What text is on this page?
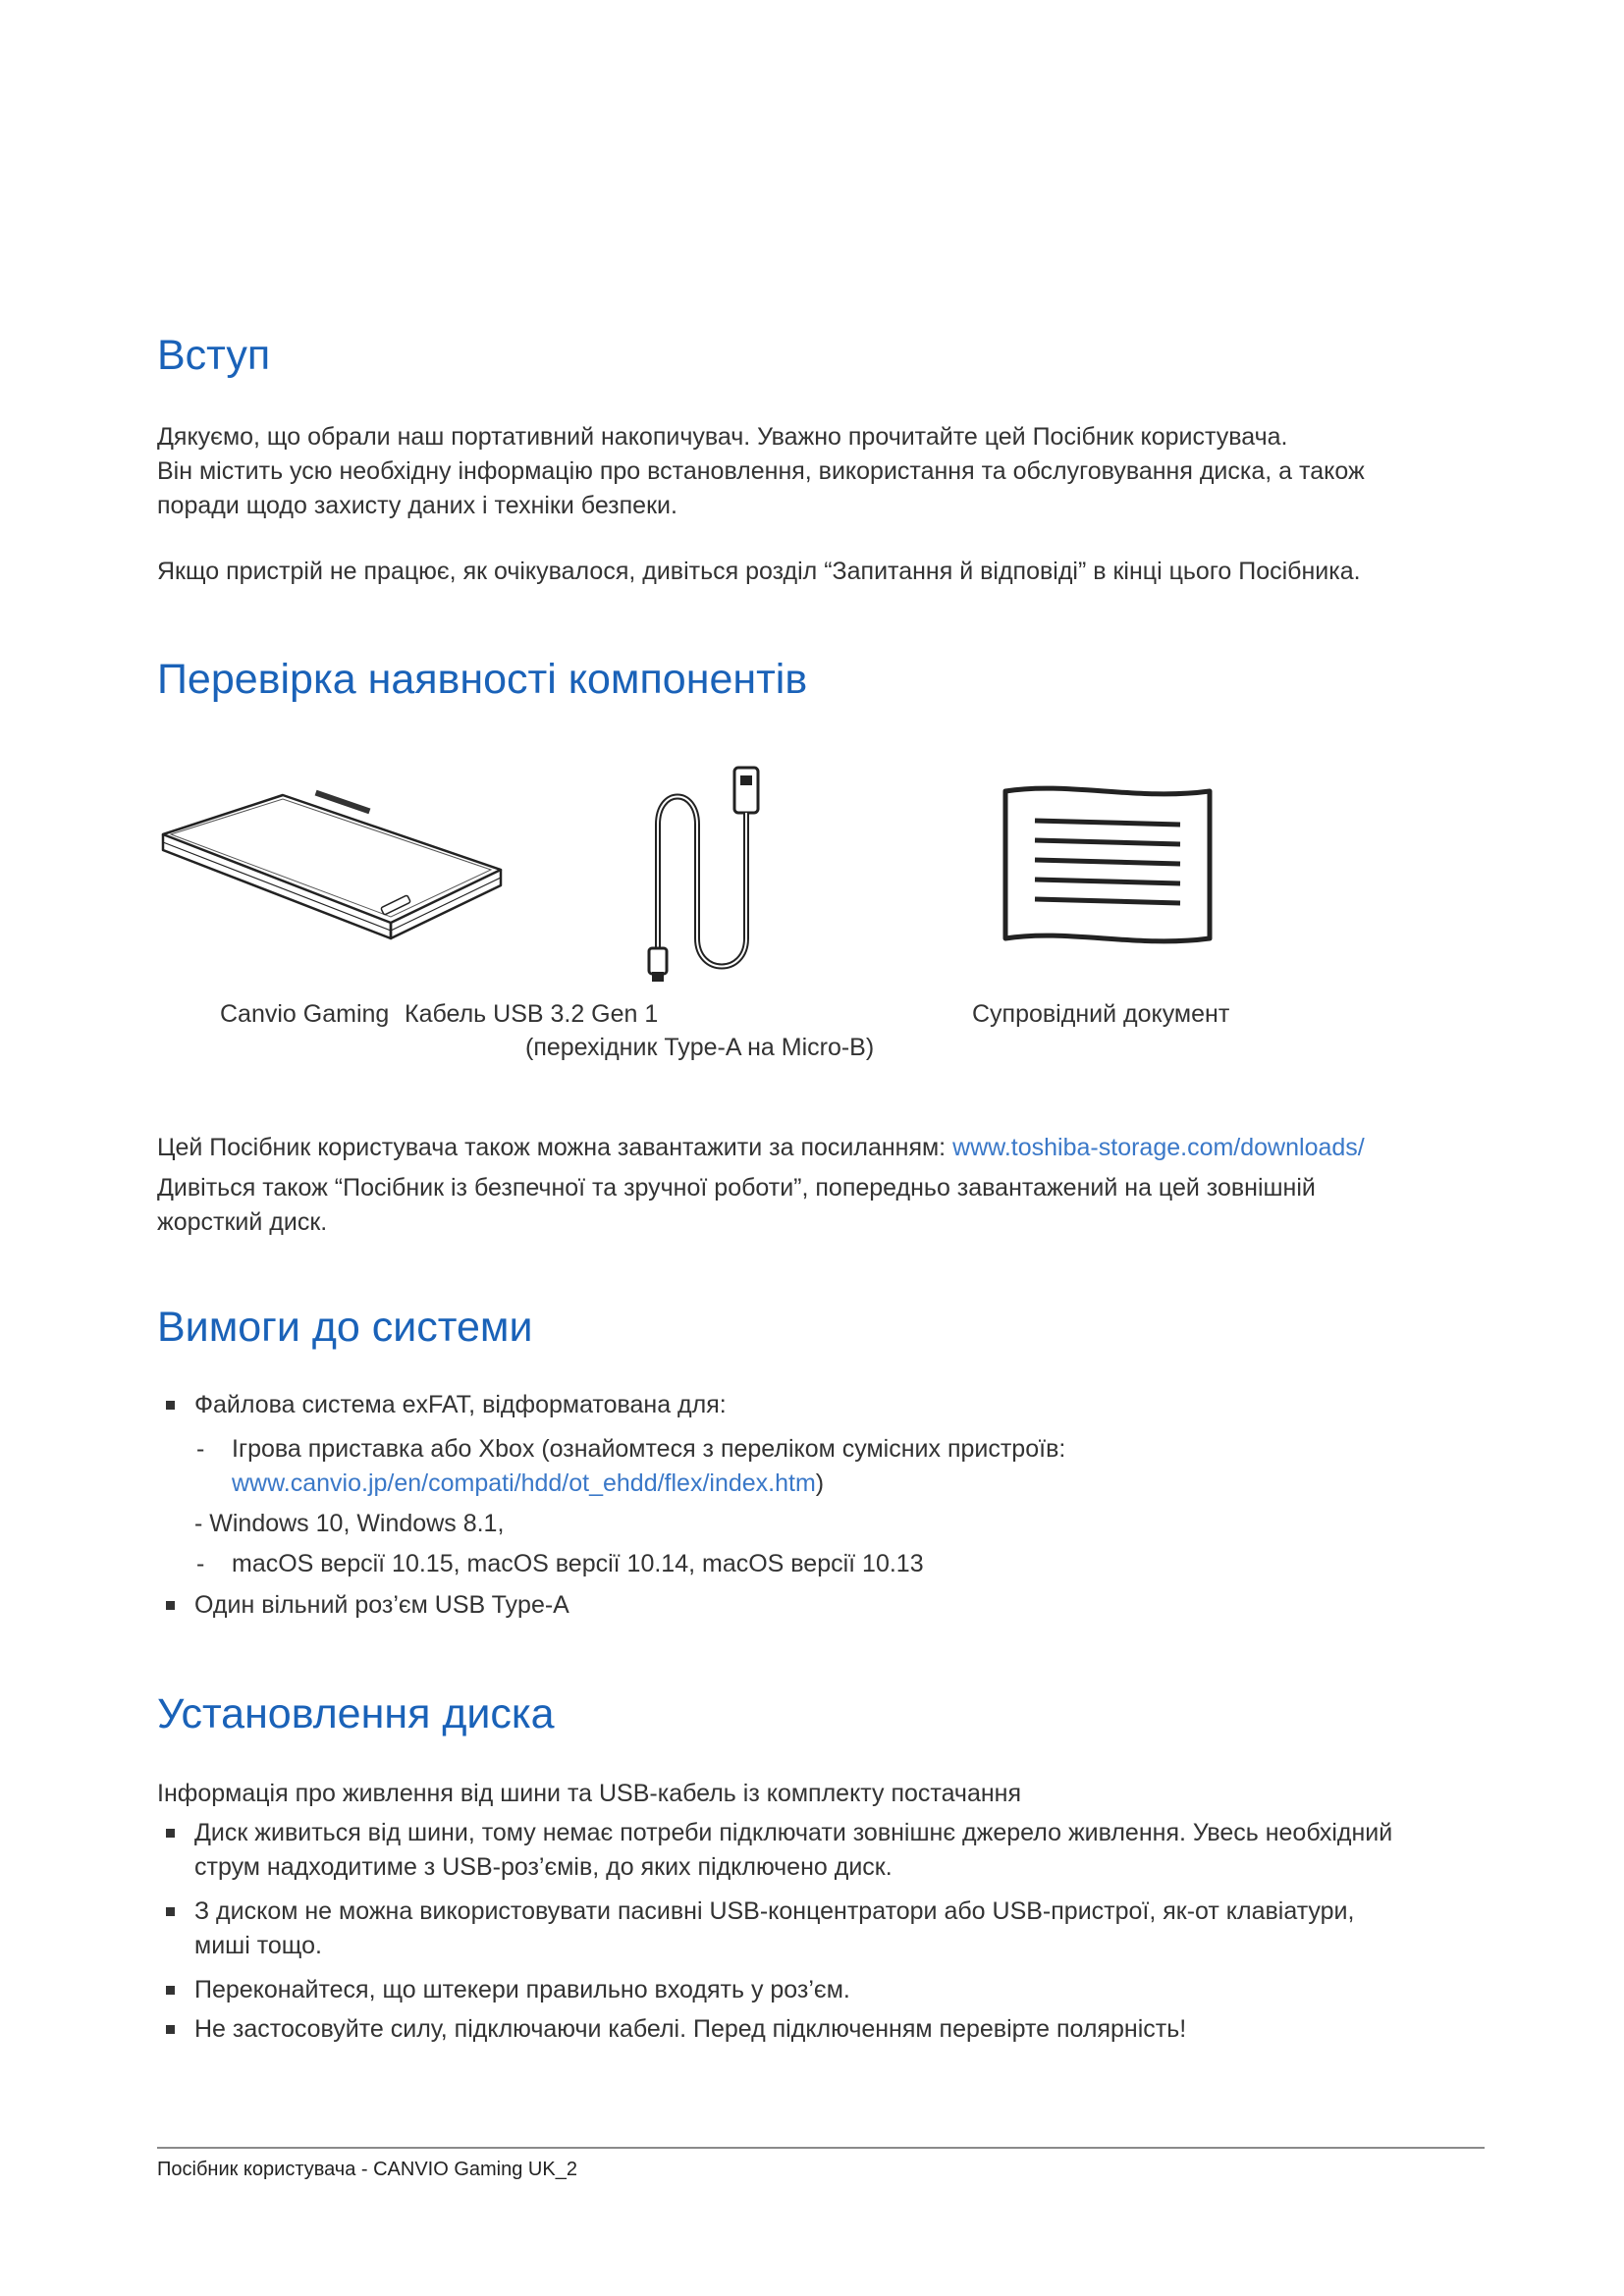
Вступ
Дякуємо, що обрали наш портативний накопичувач. Уважно прочитайте цей Посібник користувача.
Він містить усю необхідну інформацію про встановлення, використання та обслуговування диска, а також
поради щодо захисту даних і техніки безпеки.
Якщо пристрій не працює, як очікувалося, дивіться розділ “Запитання й відповіді” в кінці цього Посібника.
Перевірка наявності компонентів
Canvio Gaming Кабель USB 3.2 Gen 1
(перехідник Type-A на Micro-B)
Супровідний документ
Цей Посібник користувача також можна завантажити за посиланням: www.toshiba-storage.com/downloads/
Дивіться також “Посібник із безпечної та зручної роботи”, попередньо завантажений на цей зовнішній
жорсткий диск.
Вимоги до системи
Файлова система exFAT, відформатована для:
- Ігрова приставка або Xbox (ознайомтеся з переліком сумісних пристроїв:
www.canvio.jp/en/compati/hdd/ot_ehdd/flex/index.htm)
- Windows 10, Windows 8.1,
- macOS версії 10.15, macOS версії 10.14, macOS версії 10.13
Один вільний роз’єм USB Type-A
Установлення диска
Інформація про живлення від шини та USB-кабель із комплекту постачання
Диск живиться від шини, тому немає потреби підключати зовнішнє джерело живлення. Увесь необхідний
струм надходитиме з USB-роз’ємів, до яких підключено диск.
З диском не можна використовувати пасивні USB-концентратори або USB-пристрої, як-от клавіатури,
миші тощо.
Переконайтеся, що штекери правильно входять у роз’єм.
Не застосовуйте силу, підключаючи кабелі. Перед підключенням перевірте полярність!
Посібник користувача - CANVIO Gaming UK_2
